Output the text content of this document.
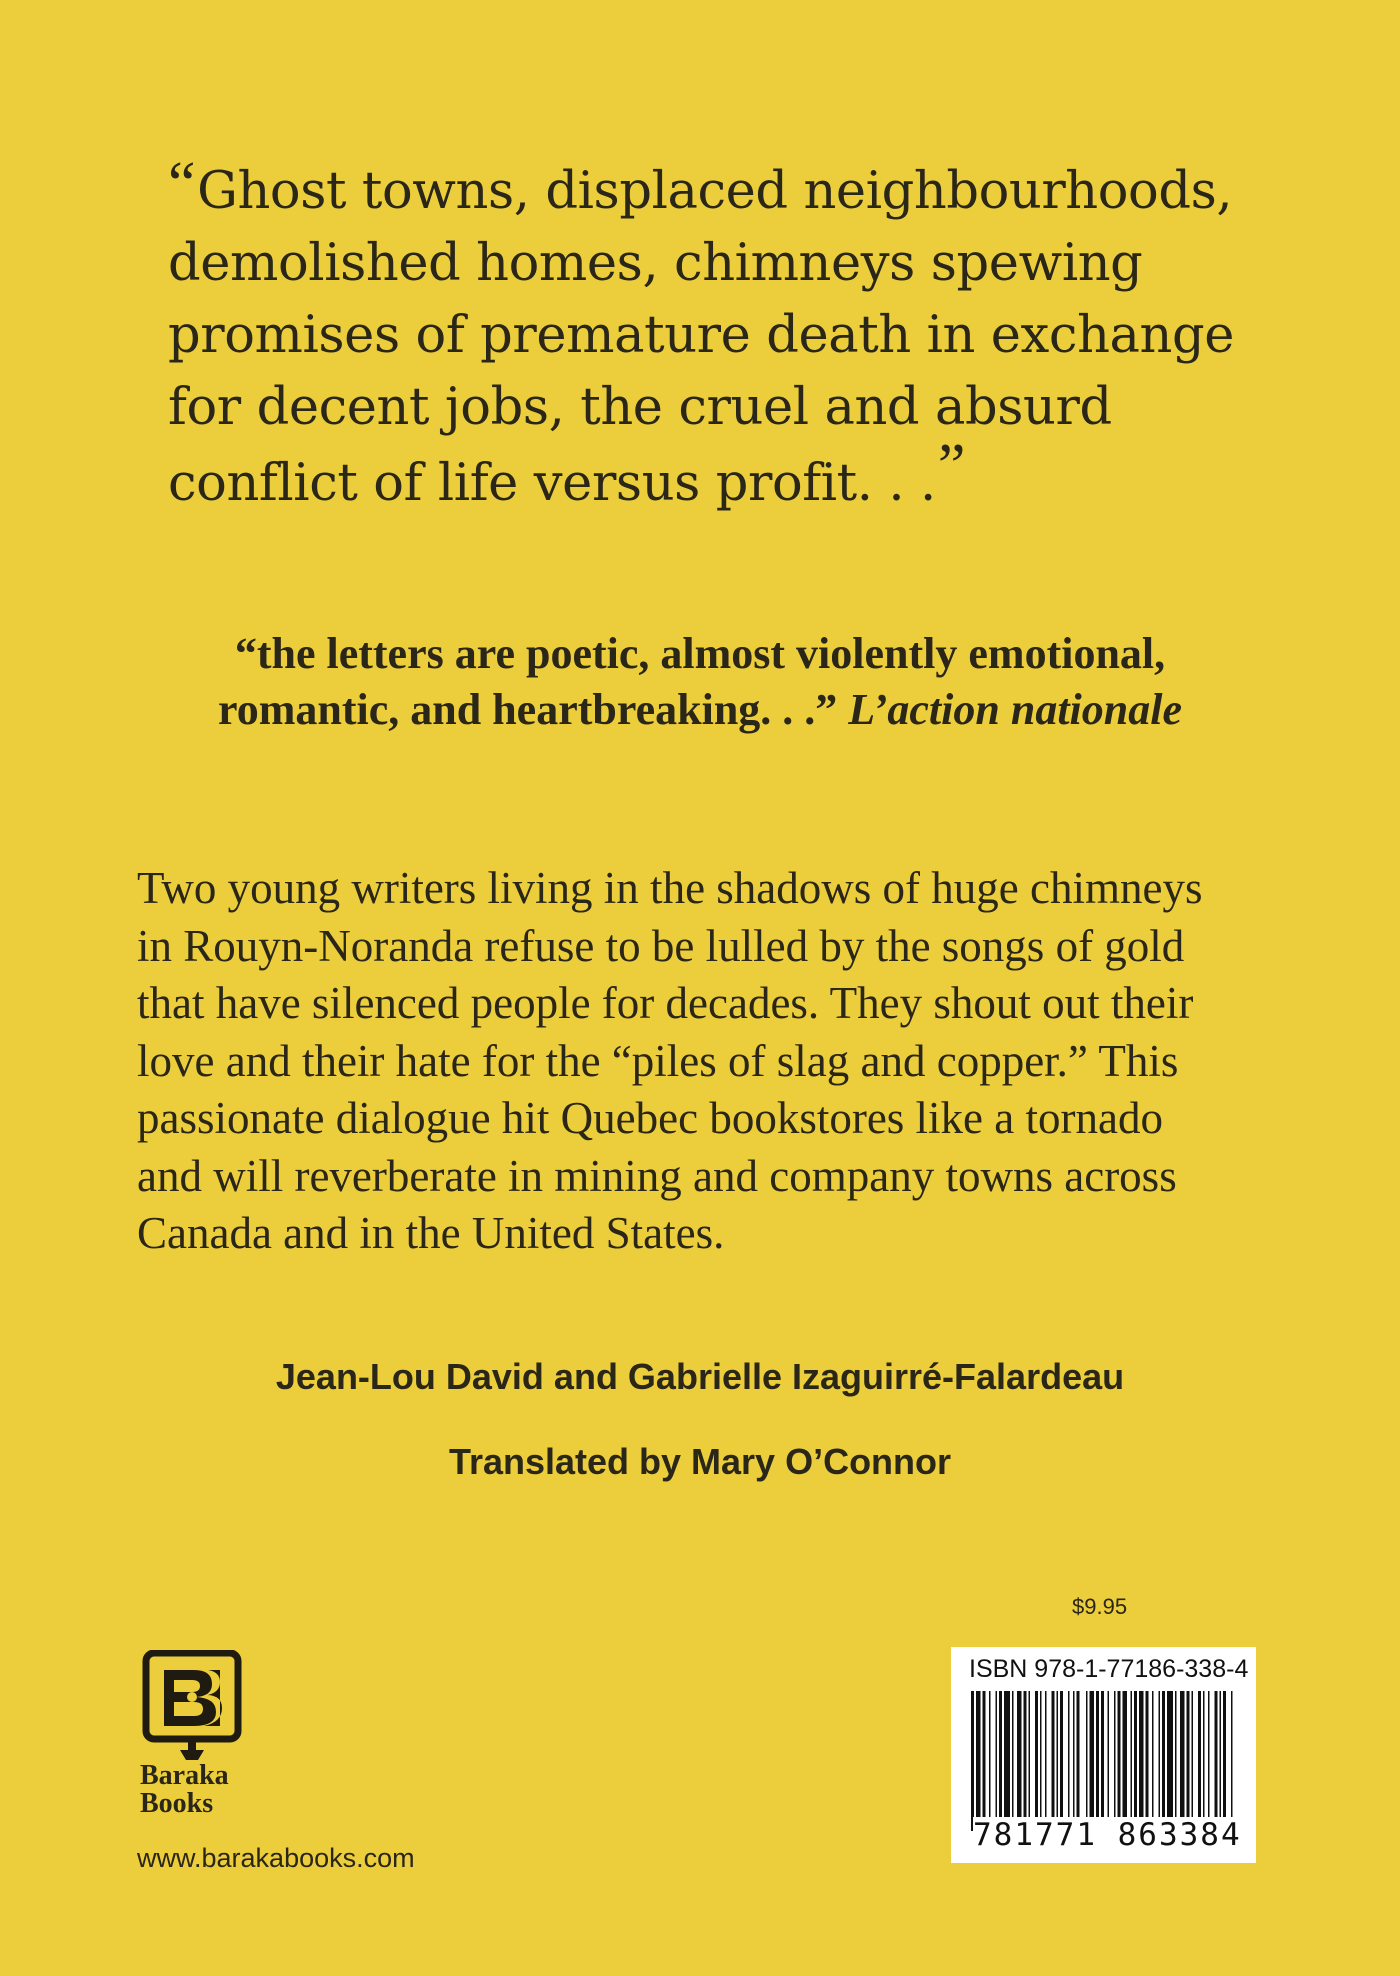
“Ghost towns, displaced neighbourhoods,
demolished homes, chimneys spewing
promises of premature death in exchange
for decent jobs, the cruel and absurd
conflict of life versus profit. . .”
“the letters are poetic, almost violently emotional,
romantic, and heartbreaking. . .” L’action nationale
Two young writers living in the shadows of huge chimneys
in Rouyn-Noranda refuse to be lulled by the songs of gold
that have silenced people for decades. They shout out their
love and their hate for the “piles of slag and copper.” This
passionate dialogue hit Quebec bookstores like a tornado
and will reverberate in mining and company towns across
Canada and in the United States.

Jean-Lou David and Gabrielle Izaguirré-Falardeau

Translated by Mary O’Connor

$9.95

Baraka
Books

www.barakabooks.com
ISBN 978-1-77186-338-4
781771 863384
